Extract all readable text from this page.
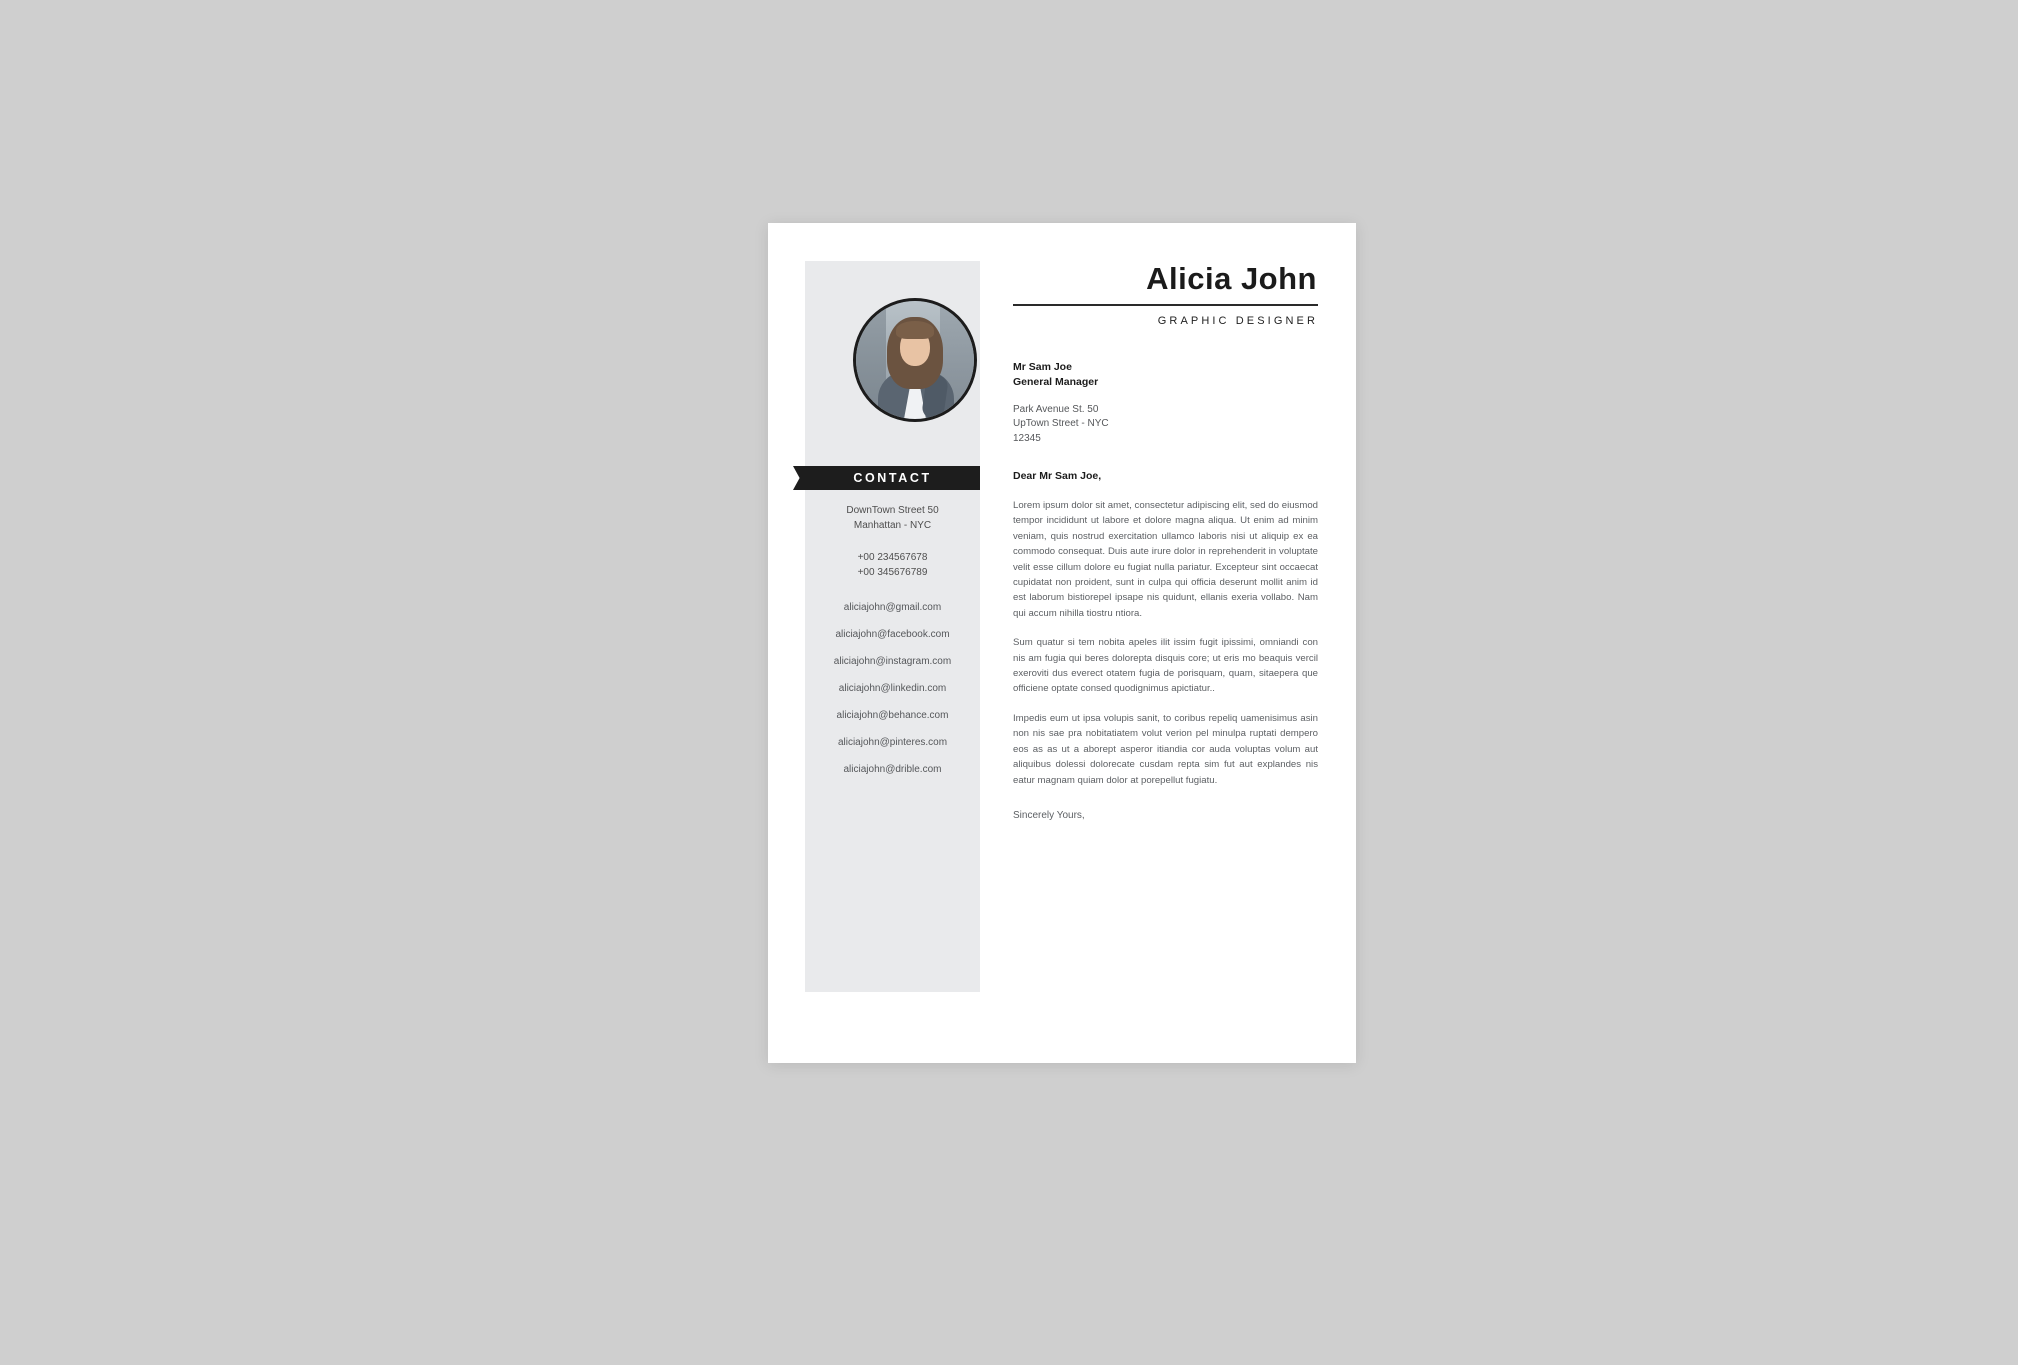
CONTACT
DownTown Street 50
Manhattan - NYC
+00 234567678
+00 345676789
aliciajohn@gmail.com
aliciajohn@facebook.com
aliciajohn@instagram.com
aliciajohn@linkedin.com
aliciajohn@behance.com
aliciajohn@pinteres.com
aliciajohn@drible.com
Alicia John
GRAPHIC DESIGNER
Mr Sam Joe
General Manager
Park Avenue St. 50
UpTown Street - NYC
12345
Dear Mr Sam Joe,
Lorem ipsum dolor sit amet, consectetur adipiscing elit, sed do eiusmod tempor incididunt ut labore et dolore magna aliqua. Ut enim ad minim veniam, quis nostrud exercitation ullamco laboris nisi ut aliquip ex ea commodo consequat. Duis aute irure dolor in reprehenderit in voluptate velit esse cillum dolore eu fugiat nulla pariatur. Excepteur sint occaecat cupidatat non proident, sunt in culpa qui officia deserunt mollit anim id est laborum bistiorepel ipsape nis quidunt, ellanis exeria vollabo. Nam qui accum nihilla tiostru ntiora.
Sum quatur si tem nobita apeles ilit issim fugit ipissimi, omniandi con nis am fugia qui beres dolorepta disquis core; ut eris mo beaquis vercil exeroviti dus everect otatem fugia de porisquam, quam, sitaepera que officiene optate consed quodignimus apictiatur..
Impedis eum ut ipsa volupis sanit, to coribus repeliq uamenisimus asin non nis sae pra nobitatiatem volut verion pel minulpa ruptati dempero eos as as ut a aborept asperor itiandia cor auda voluptas volum aut aliquibus dolessi dolorecate cusdam repta sim fut aut explandes nis eatur magnam quiam dolor at porepellut fugiatu.
Sincerely Yours,
